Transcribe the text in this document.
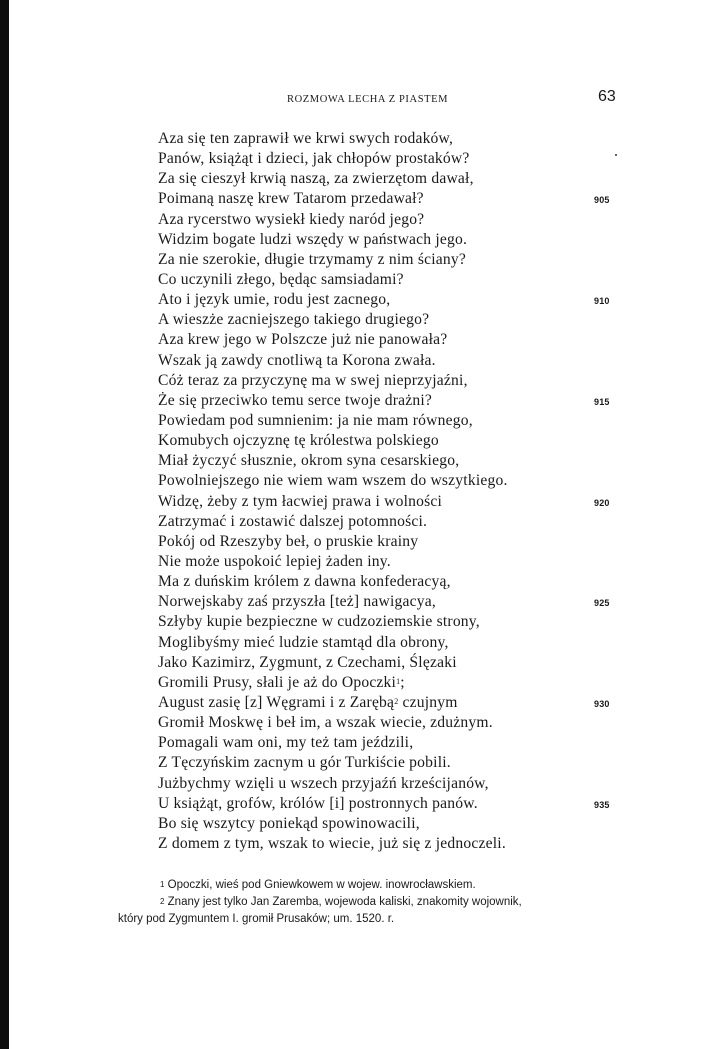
ROZMOWA LECHA Z PIASTEM	63
Aza się ten zaprawił we krwi swych rodaków,
Panów, książąt i dzieci, jak chłopów prostaków?
Za się cieszył krwią naszą, za zwierzętom dawał,
Poimaną naszę krew Tatarom przedawał?	905
Aza rycerstwo wysiekł kiedy naród jego?
Widzim bogate ludzi wszędy w państwach jego.
Za nie szerokie, długie trzymamy z nim ściany?
Co uczynili złego, będąc samsiadami?
Ato i język umie, rodu jest zacnego,	910
A wieszże zacniejszego takiego drugiego?
Aza krew jego w Polszcze już nie panowała?
Wszak ją zawdy cnotliwą ta Korona zwała.
Cóż teraz za przyczynę ma w swej nieprzyjaźni,
Że się przeciwko temu serce twoje drażni?	915
Powiedam pod sumnienim: ja nie mam równego,
Komubych ojczyznę tę królestwa polskiego
Miał życzyć słusznie, okrom syna cesarskiego,
Powolniejszego nie wiem wam wszem do wszytkiego.
Widzę, żeby z tym łacwiej prawa i wolności	920
Zatrzymać i zostawić dalszej potomności.
Pokój od Rzeszyby beł, o pruskie krainy
Nie może uspokoić lepiej żaden iny.
Ma z duńskim królem z dawna konfederacyą,
Norwejskaby zaś przyszła [też] nawigacya,	925
Szłyby kupie bezpieczne w cudzoziemskie strony,
Moglibyśmy mieć ludzie stamtąd dla obrony,
Jako Kazimirz, Zygmunt, z Czechami, Ślęzaki
Gromili Prusy, słali je aż do Opoczki$^1$;
August zasię [z] Węgrami i z Zarębą$^2$ czujnym	930
Gromił Moskwę i beł im, a wszak wiecie, zdużnym.
Pomagali wam oni, my też tam jeździli,
Z Tęczyńskim zacnym u gór Turkiście pobili.
Jużbychmy wzięli u wszech przyjaźń krześcijanów,
U książąt, grofów, królów [i] postronnych panów.	935
Bo się wszytcy poniekąd spowinowacili,
Z domem z tym, wszak to wiecie, już się z jednoczeli.
$^1$ Opoczki, wieś pod Gniewkowem w wojew. inowrocławskiem.
$^2$ Znany jest tylko Jan Zaremba, wojewoda kaliski, znakomity wojownik,
który pod Zygmuntem I. gromił Prusaków; um. 1520. r.
